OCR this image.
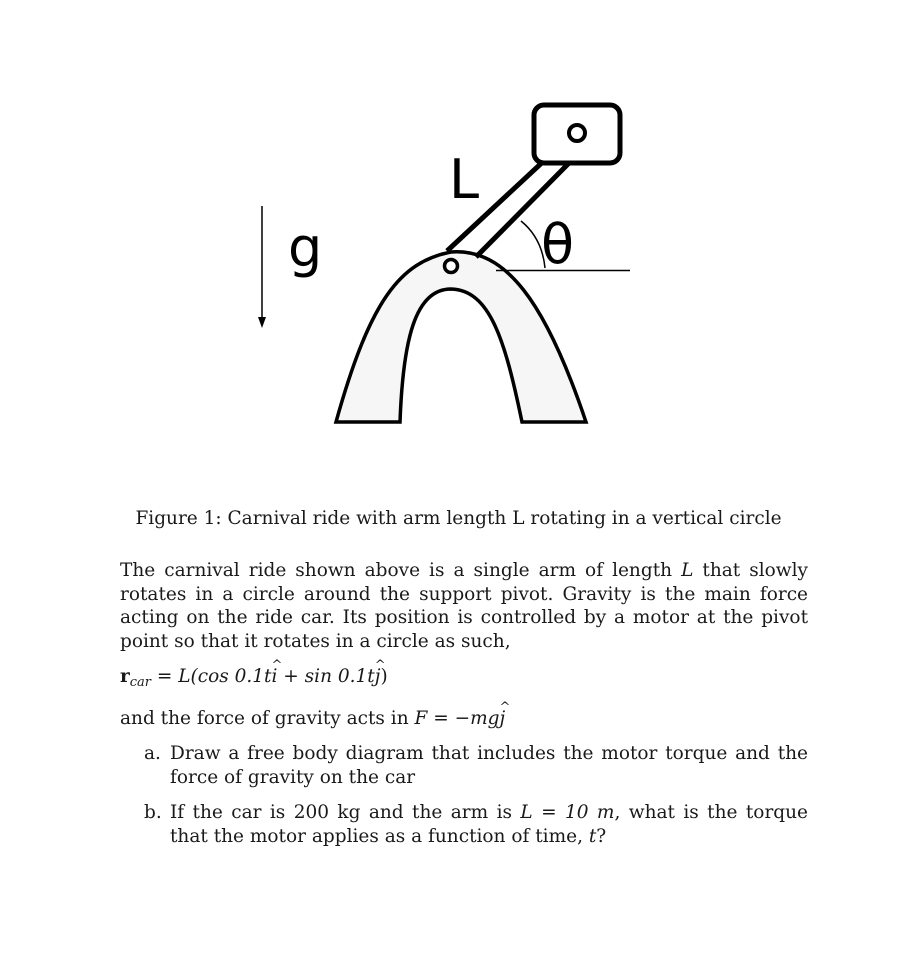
g
L
θ
Figure 1: Carnival ride with arm length L rotating in a vertical circle

The carnival ride shown above is a single arm of length L that slowly rotates in a circle around the support pivot. Gravity is the main force acting on the ride car. Its position is controlled by a motor at the pivot point so that it rotates in a circle as such,

$r_{car} = L(\cos$ 0.1t^ i + sin 0.1t^ j)
and the force of gravity acts in F = −mg^ j
a. Draw a free body diagram that includes the motor torque and the force of gravity on the car
b. If the car is 200 kg and the arm is L = 10 m, what is the torque that the motor applies as a function of time, t?
